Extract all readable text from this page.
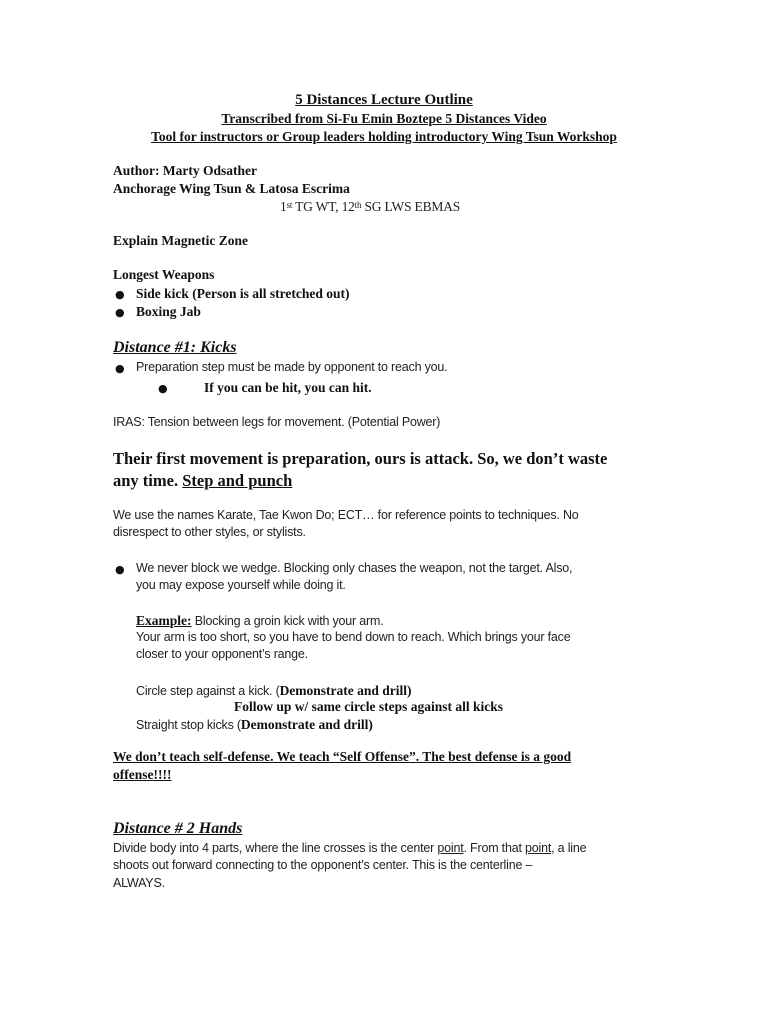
5 Distances Lecture Outline
Transcribed from Si-Fu Emin Boztepe 5 Distances Video
Tool for instructors or Group leaders holding introductory Wing Tsun Workshop
Author: Marty Odsather
Anchorage Wing Tsun & Latosa Escrima
1st TG WT, 12th SG LWS EBMAS
Explain Magnetic Zone
Longest Weapons
● Side kick (Person is all stretched out)
● Boxing Jab
Distance #1: Kicks
● Preparation step must be made by opponent to reach you.
●	If you can be hit, you can hit.
IRAS: Tension between legs for movement. (Potential Power)
Their first movement is preparation, ours is attack. So, we don’t waste
any time. Step and punch
We use the names Karate, Tae Kwon Do; ECT… for reference points to techniques. No
disrespect to other styles, or stylists.
● We never block we wedge. Blocking only chases the weapon, not the target. Also,
you may expose yourself while doing it.
Example: Blocking a groin kick with your arm.
Your arm is too short, so you have to bend down to reach. Which brings your face
closer to your opponent’s range.
Circle step against a kick. (Demonstrate and drill)
Follow up w/ same circle steps against all kicks
Straight stop kicks (Demonstrate and drill)
We don’t teach self-defense. We teach “Self Offense”. The best defense is a good
offense!!!!
Distance # 2 Hands
Divide body into 4 parts, where the line crosses is the center point. From that point, a line
shoots out forward connecting to the opponent’s center. This is the centerline –
ALWAYS.
